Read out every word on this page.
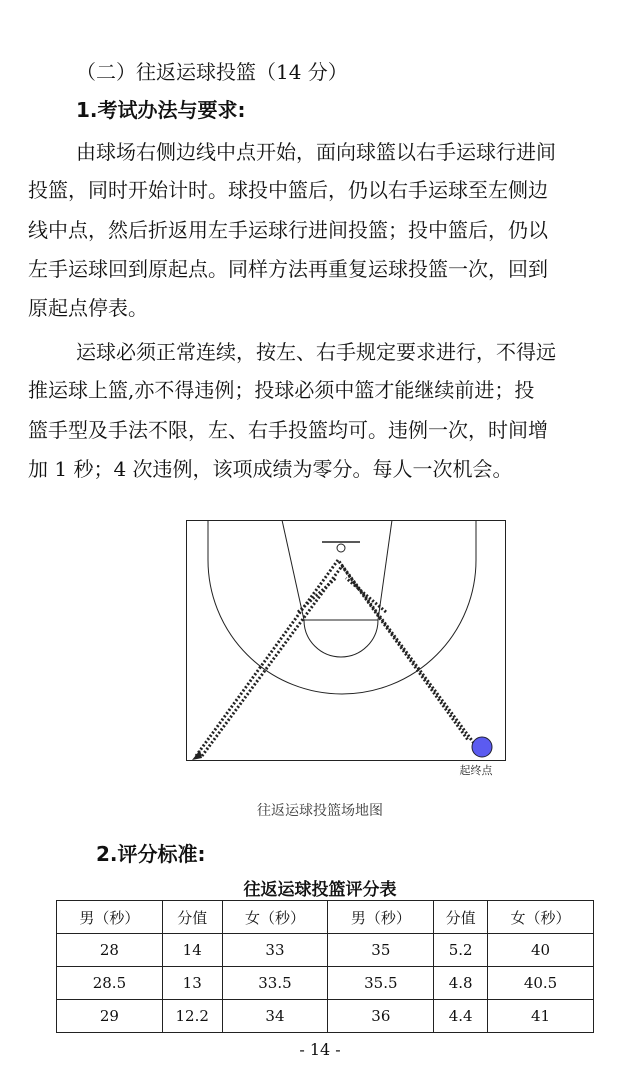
（二）往返运球投篮（14 分）
1.考试办法与要求:
由球场右侧边线中点开始，面向球篮以右手运球行进间
投篮，同时开始计时。球投中篮后，仍以右手运球至左侧边
线中点，然后折返用左手运球行进间投篮；投中篮后，仍以
左手运球回到原起点。同样方法再重复运球投篮一次，回到
原起点停表。
运球必须正常连续，按左、右手规定要求进行，不得远
推运球上篮,亦不得违例；投球必须中篮才能继续前进；投
篮手型及手法不限，左、右手投篮均可。违例一次，时间增
加 1 秒；4 次违例，该项成绩为零分。每人一次机会。
起终点
往返运球投篮场地图
2.评分标准:
往返运球投篮评分表
男（秒）	分值	女（秒）	男（秒）	分值	女（秒）
28	14	33	35	5.2	40
28.5	13	33.5	35.5	4.8	40.5
29	12.2	34	36	4.4	41
- 14 -
